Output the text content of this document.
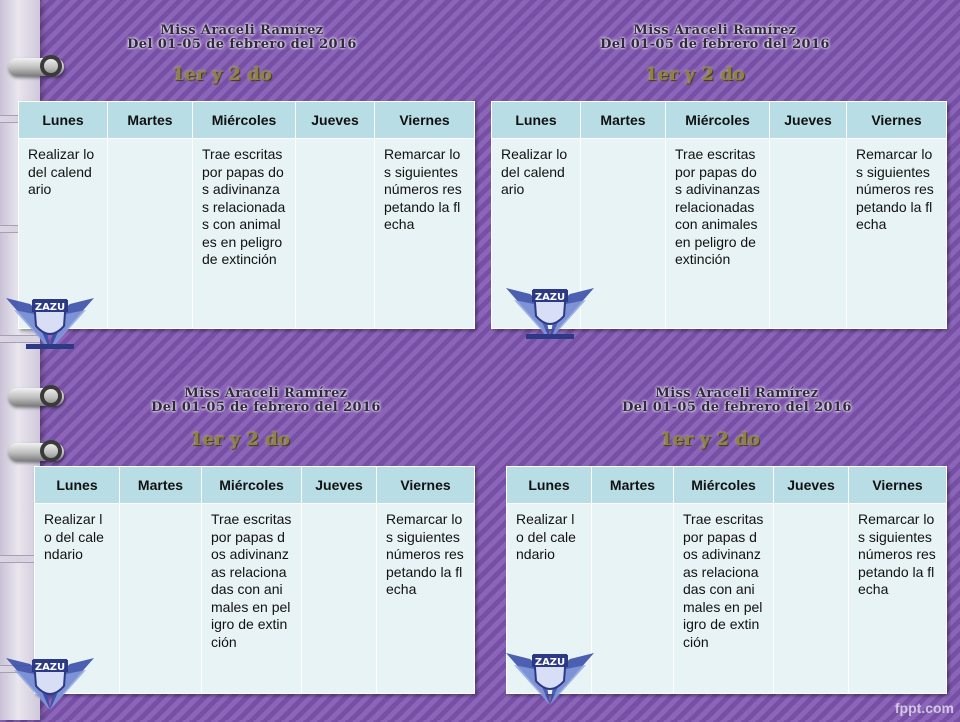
Miss Araceli Ramírez
Del 01-05 de febrero del 2016
1er y 2 do
Lunes	Martes	Miércoles	Jueves	Viernes
Realizar lo del calendario		Trae escritas por papas dos adivinanzas relacionadas con animales en peligro de extinción		Remarcar los siguientes números respetando la flecha
Miss Araceli Ramírez
Del 01-05 de febrero del 2016
1er y 2 do
Lunes	Martes	Miércoles	Jueves	Viernes
Realizar lo del calendario		Trae escritas por papas dos adivinanzas relacionadas con animales en peligro de extinción		Remarcar los siguientes números respetando la flecha
Miss Araceli Ramírez
Del 01-05 de febrero del 2016
1er y 2 do
Lunes	Martes	Miércoles	Jueves	Viernes
Realizar lo del calendario		Trae escritas por papas dos adivinanzas relacionadas con animales en peligro de extinción		Remarcar los siguientes números respetando la flecha
Miss Araceli Ramírez
Del 01-05 de febrero del 2016
1er y 2 do
Lunes	Martes	Miércoles	Jueves	Viernes
Realizar lo del calendario		Trae escritas por papas dos adivinanzas relacionadas con animales en peligro de extinción		Remarcar los siguientes números respetando la flecha
ZAZU
ZAZU
ZAZU	ZAZU
fppt.com
